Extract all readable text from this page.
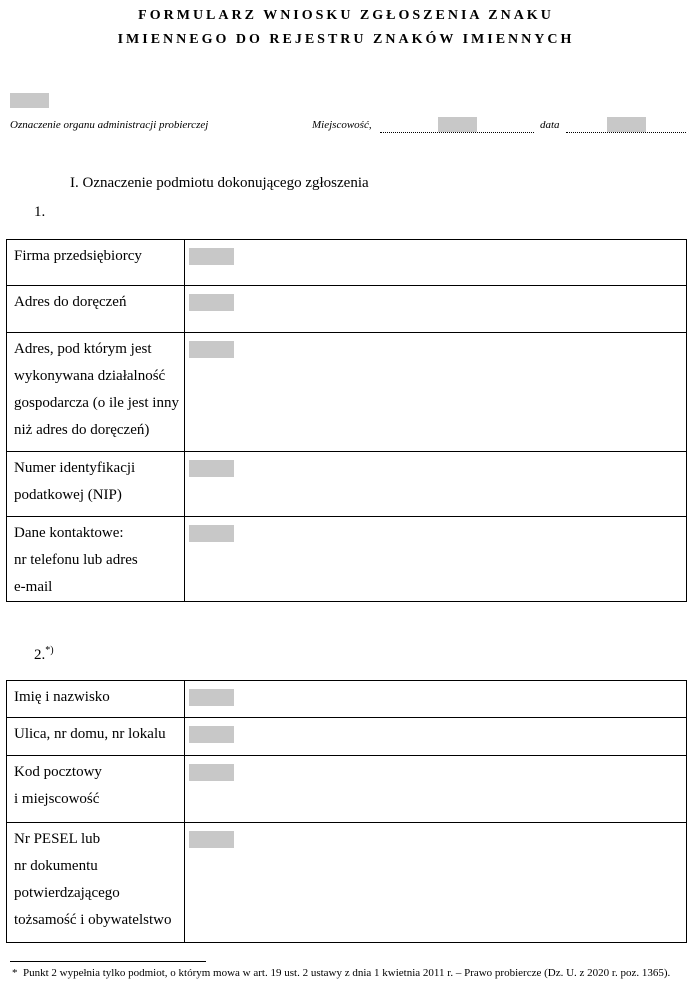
FORMULARZ WNIOSKU ZGŁOSZENIA ZNAKU
IMIENNEGO DO REJESTRU ZNAKÓW IMIENNYCH
Oznaczenie organu administracji probierczej	Miejscowość,	data
I. Oznaczenie podmiotu dokonującego zgłoszenia
1.
Firma przedsiębiorcy	

Adres do doręczeń	

Adres, pod którym jest
wykonywana działalność
gospodarcza (o ile jest inny
niż adres do doręczeń)	

Numer identyfikacji
podatkowej (NIP)	

Dane kontaktowe:
nr telefonu lub adres
e-mail	

2.*)
Imię i nazwisko	

Ulica, nr domu, nr lokalu	

Kod pocztowy
i miejscowość	

Nr PESEL lub
nr dokumentu
potwierdzającego
tożsamość i obywatelstwo	

* Punkt 2 wypełnia tylko podmiot, o którym mowa w art. 19 ust. 2 ustawy z dnia 1 kwietnia 2011 r. – Prawo probiercze (Dz. U. z 2020 r. poz. 1365).
